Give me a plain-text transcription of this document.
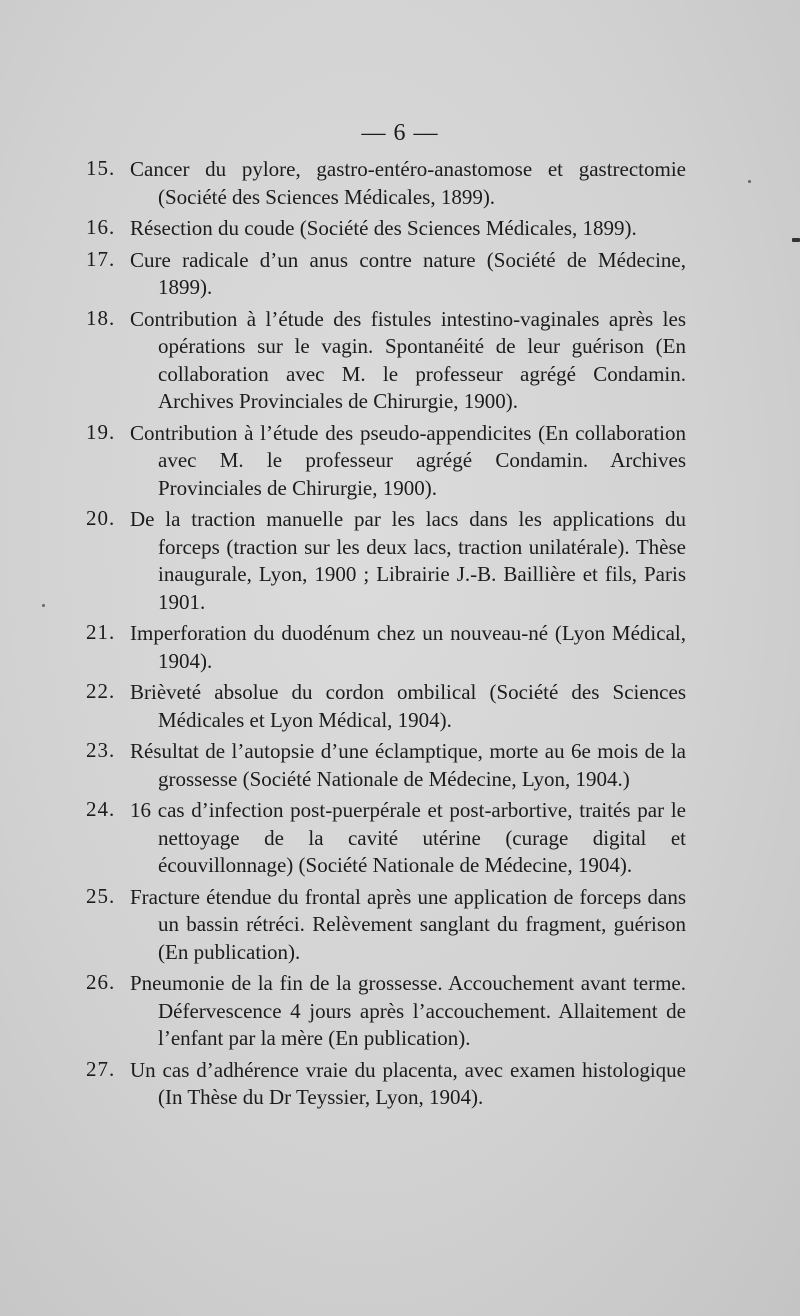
— 6 —
15. Cancer du pylore, gastro-entéro-anastomose et gastrectomie (Société des Sciences Médicales, 1899).
16. Résection du coude (Société des Sciences Médicales, 1899).
17. Cure radicale d’un anus contre nature (Société de Médecine, 1899).
18. Contribution à l’étude des fistules intestino-vaginales après les opérations sur le vagin. Spontanéité de leur guérison (En collaboration avec M. le professeur agrégé Condamin. Archives Provinciales de Chirurgie, 1900).
19. Contribution à l’étude des pseudo-appendicites (En collaboration avec M. le professeur agrégé Condamin. Archives Provinciales de Chirurgie, 1900).
20. De la traction manuelle par les lacs dans les applications du forceps (traction sur les deux lacs, traction unilatérale). Thèse inaugurale, Lyon, 1900 ; Librairie J.-B. Baillière et fils, Paris 1901.
21. Imperforation du duodénum chez un nouveau-né (Lyon Médical, 1904).
22. Brièveté absolue du cordon ombilical (Société des Sciences Médicales et Lyon Médical, 1904).
23. Résultat de l’autopsie d’une éclamptique, morte au 6e mois de la grossesse (Société Nationale de Médecine, Lyon, 1904.)
24. 16 cas d’infection post-puerpérale et post-arbortive, traités par le nettoyage de la cavité utérine (curage digital et écouvillonnage) (Société Nationale de Médecine, 1904).
25. Fracture étendue du frontal après une application de forceps dans un bassin rétréci. Relèvement sanglant du fragment, guérison (En publication).
26. Pneumonie de la fin de la grossesse. Accouchement avant terme. Défervescence 4 jours après l’accouchement. Allaitement de l’enfant par la mère (En publication).
27. Un cas d’adhérence vraie du placenta, avec examen histologique (In Thèse du Dr Teyssier, Lyon, 1904).
